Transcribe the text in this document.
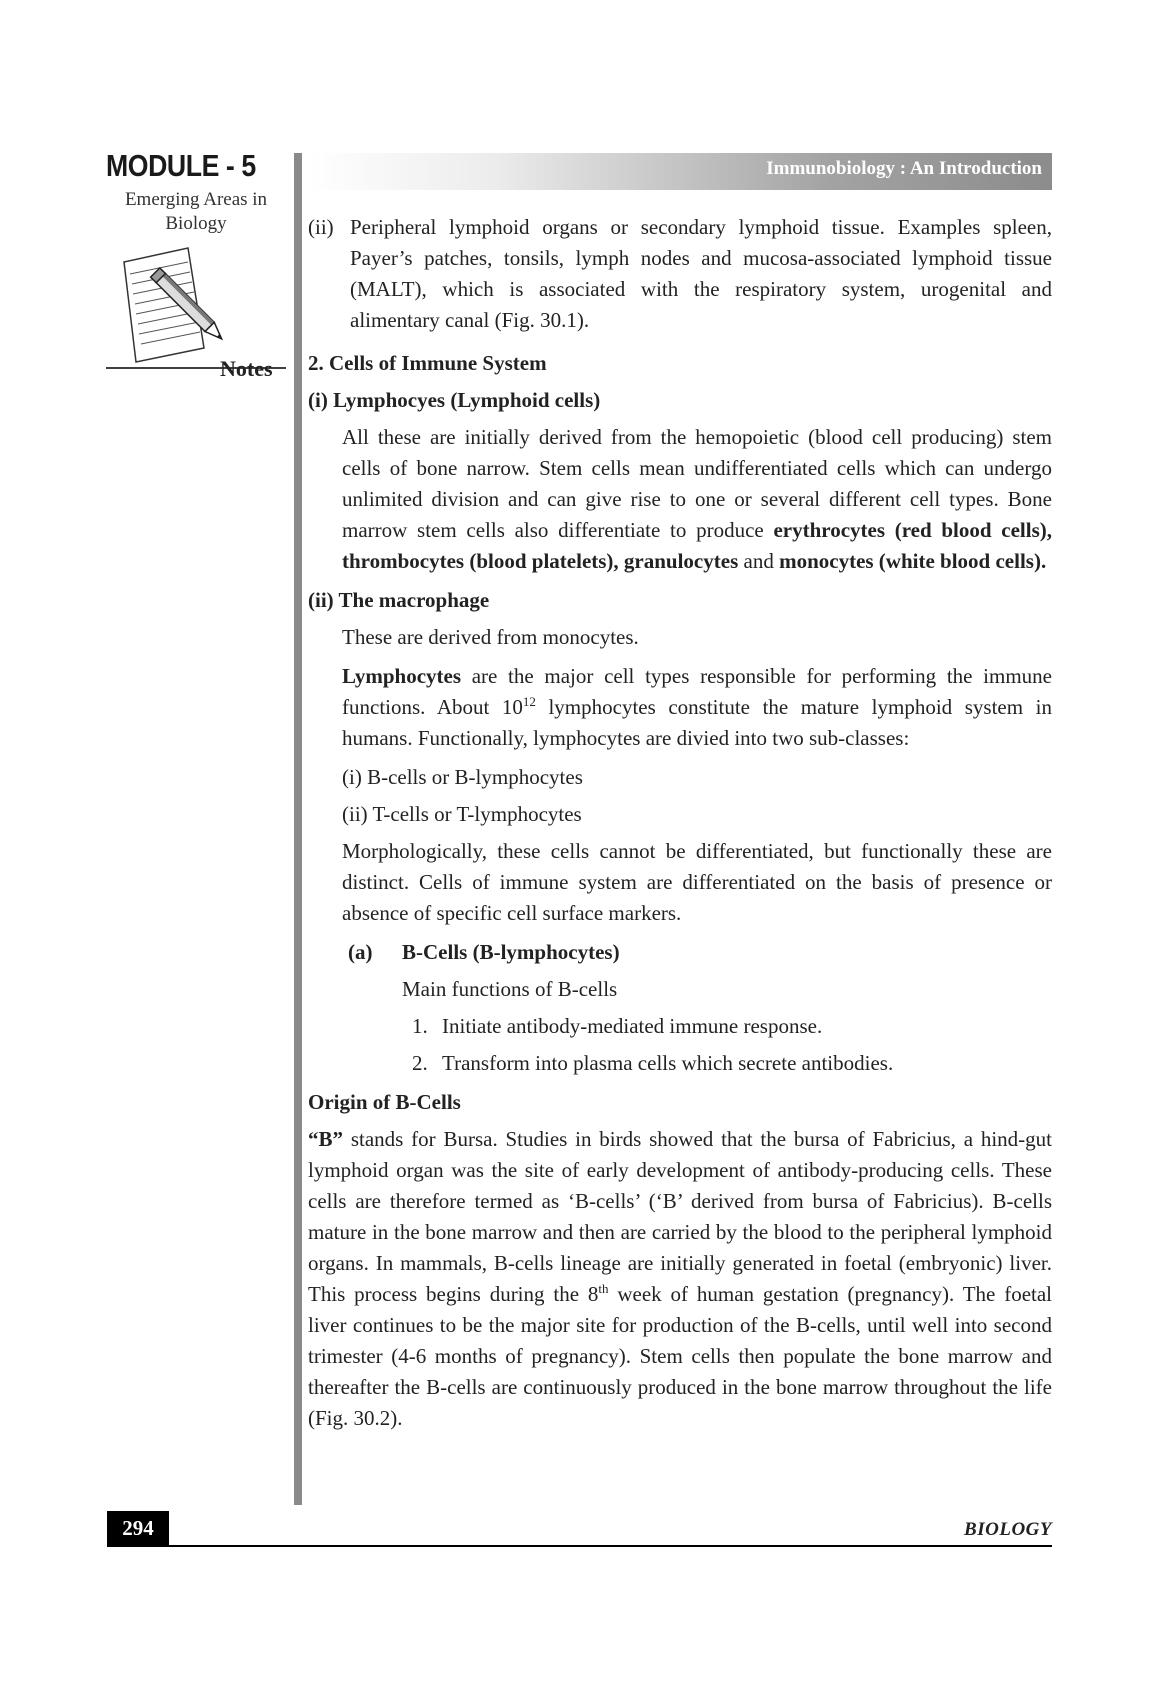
MODULE - 5
Emerging Areas in
Biology
Notes
Immunobiology : An Introduction
(ii) Peripheral lymphoid organs or secondary lymphoid tissue. Examples spleen, Payer’s patches, tonsils, lymph nodes and mucosa-associated lymphoid tissue (MALT), which is associated with the respiratory system, urogenital and alimentary canal (Fig. 30.1).
2. Cells of Immune System
(i) Lymphocyes (Lymphoid cells)
All these are initially derived from the hemopoietic (blood cell producing) stem cells of bone narrow. Stem cells mean undifferentiated cells which can undergo unlimited division and can give rise to one or several different cell types. Bone marrow stem cells also differentiate to produce erythrocytes (red blood cells), thrombocytes (blood platelets), granulocytes and monocytes (white blood cells).
(ii) The macrophage
These are derived from monocytes.
Lymphocytes are the major cell types responsible for performing the immune functions. About $10^{12}$ lymphocytes constitute the mature lymphoid system in humans. Functionally, lymphocytes are divied into two sub-classes:
(i) B-cells or B-lymphocytes
(ii) T-cells or T-lymphocytes
Morphologically, these cells cannot be differentiated, but functionally these are distinct. Cells of immune system are differentiated on the basis of presence or absence of specific cell surface markers.
(a) B-Cells (B-lymphocytes)
Main functions of B-cells
1. Initiate antibody-mediated immune response.
2. Transform into plasma cells which secrete antibodies.
Origin of B-Cells
“B” stands for Bursa. Studies in birds showed that the bursa of Fabricius, a hind-gut lymphoid organ was the site of early development of antibody-producing cells. These cells are therefore termed as ‘B-cells’ (‘B’ derived from bursa of Fabricius). B-cells mature in the bone marrow and then are carried by the blood to the peripheral lymphoid organs. In mammals, B-cells lineage are initially generated in foetal (embryonic) liver. This process begins during the 8th week of human gestation (pregnancy). The foetal liver continues to be the major site for production of the B-cells, until well into second trimester (4-6 months of pregnancy). Stem cells then populate the bone marrow and thereafter the B-cells are continuously produced in the bone marrow throughout the life (Fig. 30.2).
294	BIOLOGY
